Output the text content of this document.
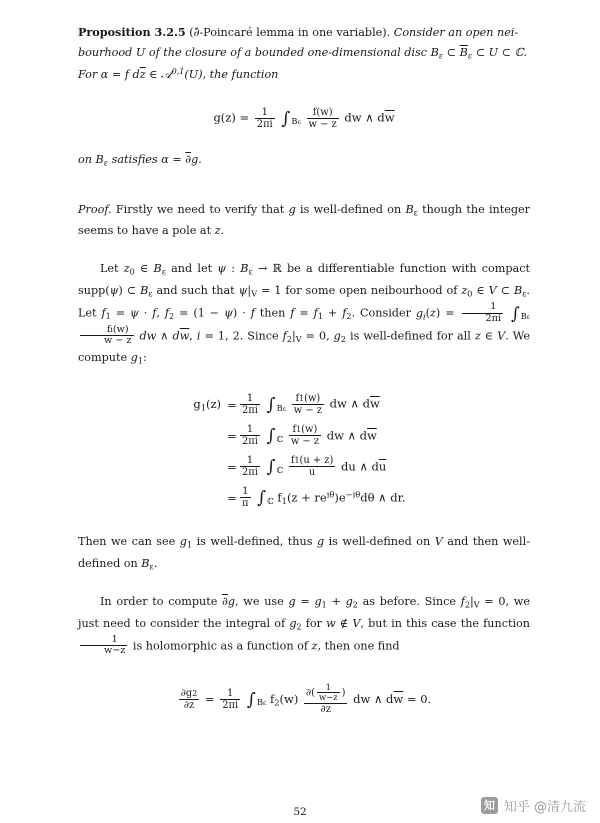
Proposition 3.2.5 (∂̄-Poincaré lemma in one variable). Consider an open nei-
bourhood U of the closure of a bounded one-dimensional disc $B_\varepsilon$ ⊂ $\overline{B}_\varepsilon$ ⊂ U ⊂ ℂ.
For α = f $d\overline{z}$ ∈ 𝒜$^{0,1}$(U), the function
$g(z) = \frac{1}{2\pi i} \int_{B\varepsilon} \frac{f(w)}{w - z}$ dw ∧ $d\overline{w}$
on $B_\varepsilon$ satisfies α = ∂g.
Proof. Firstly we need to verify that g is well-defined on $B_\varepsilon$ though the integer seems to have a pole at z.
Let $z_0$ ∈ $B_\varepsilon$ and let ψ : $B_\varepsilon$ → ℝ be a differentiable function with compact supp(ψ) ⊂ $B_\varepsilon$ and such that $\psi|_V = 1$ for some open neibourhood of $z_0$ ∈ V ⊂ $B_\varepsilon$. Let $f_1 = \psi \cdot f$, $f_2 = (1 - \psi) \cdot f$ then $f = f_1 + f_2$. Consider $g_i(z) = \frac{1}{2\pi i} \int_{B\varepsilon}$
$\frac{fi(w)}{w - z}$ dw ∧ $d\overline{w}$, i = 1, 2. Since $f_2|_V = 0$, $g_2$ is well-defined for all z ∈ V. We compute $g_1$:
$g_1(z) = \frac{1}{2\pi i} \int_{B\varepsilon} \frac{f1(w)}{w - z}$ dw ∧ $d\overline{w}$
= $\frac{1}{2\pi i} \int_ℂ \frac{f1(w)}{w - z}$ dw ∧ $d\overline{w}$
= $\frac{1}{2\pi i} \int_ℂ \frac{f1(u + z)}{u}$ du ∧ $d\overline{u}$
= $\frac{1}{\pi} \int_ℂ$ $f_1(z + re^{i\theta})e^{-i\theta}d\theta$ ∧ dr.
Then we can see $g_1$ is well-defined, thus g is well-defined on V and then well-defined on $B_\varepsilon$.
In order to compute ∂g, we use $g = g_1 + g_2$ as before. Since $f_2|_V = 0$, we just need to consider the integral of $g_2$ for w ∉ V, but in this case the function
$\frac{1}{w-z}$ is holomorphic as a function of z, then one find
$\frac{\partial g2}{\partial\overline{z}} = \frac{1}{2\pi i} \int_{B\varepsilon}$ $f_2(w) \frac{\partial( \frac{1}{w-z} )}{\partial\overline{z}}$ dw ∧ $d\overline{w} = 0$.
52	知 知乎 @清九流
